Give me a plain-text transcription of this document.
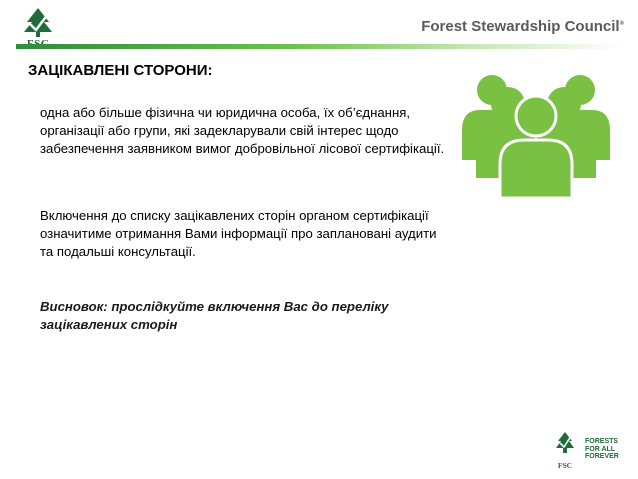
Forest Stewardship Council®
ЗАЦІКАВЛЕНІ СТОРОНИ:
одна або більше фізична чи юридична особа, їх об’єднання, організації або групи, які задекларували свій інтерес щодо забезпечення заявником вимог добровільної лісової сертифікації.
Включення до списку зацікавлених сторін органом сертифікації означитиме отримання Вами інформації про заплановані аудити та подальші консультації.
Висновок: прослідкуйте включення Вас до переліку зацікавлених сторін
FSC
FORESTS
FOR ALL
FOREVER
